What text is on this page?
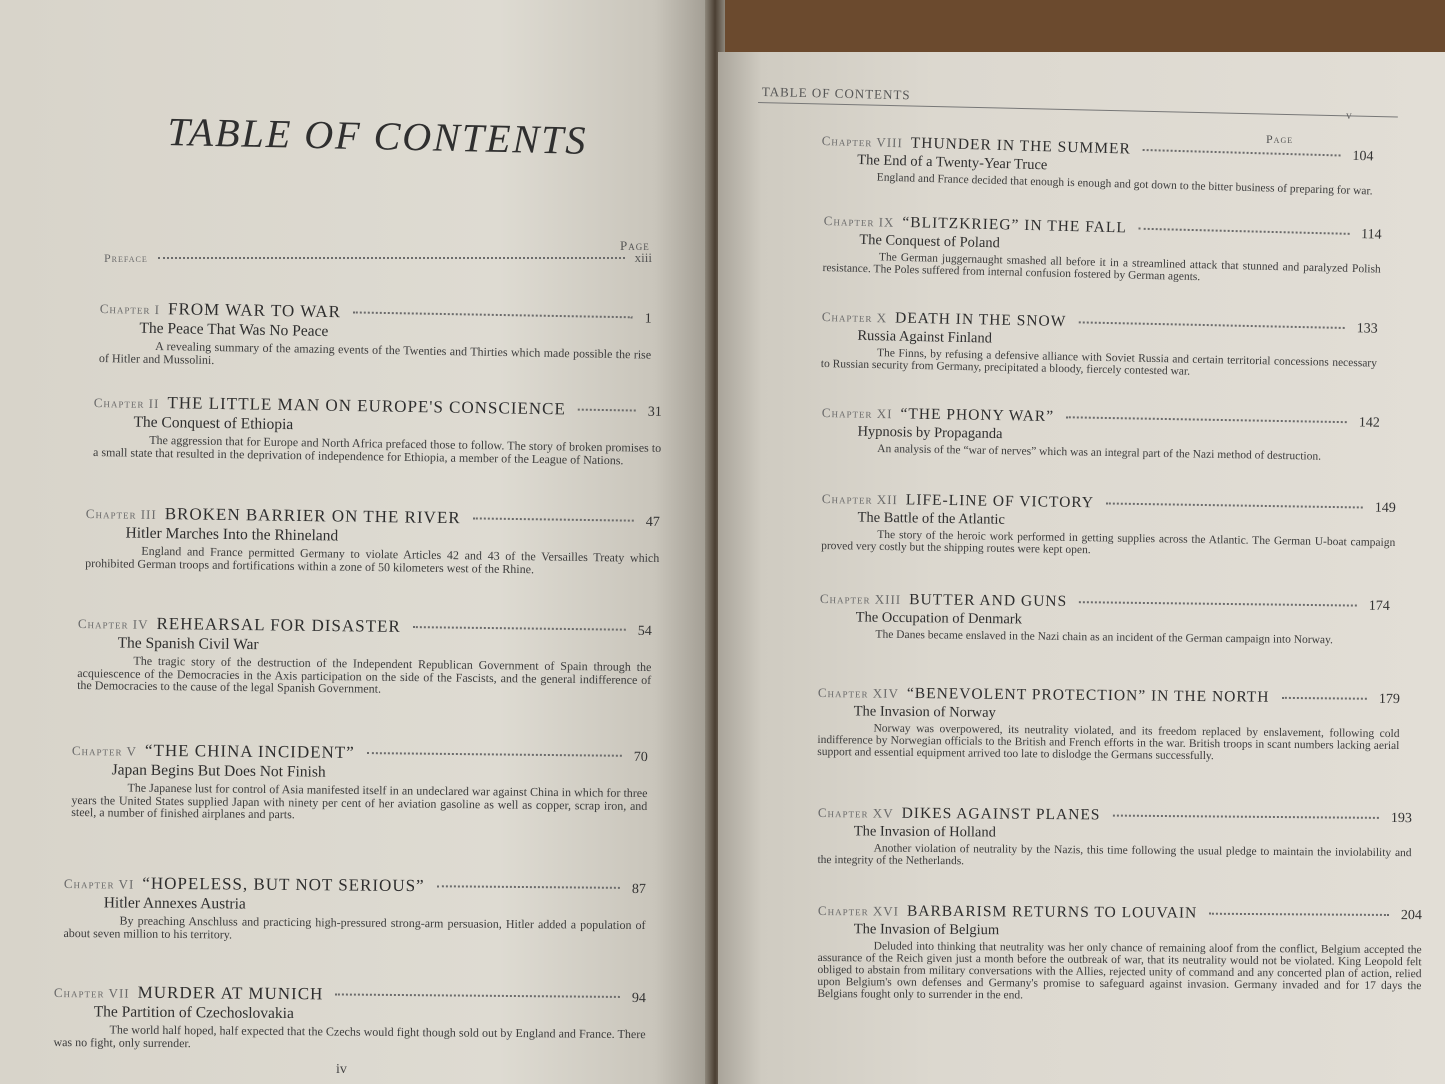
TABLE OF CONTENTS
Page
Preface	xiii
Chapter I FROM WAR TO WAR	1
The Peace That Was No Peace
A revealing summary of the amazing events of the Twenties and Thirties which made possible the rise of Hitler and Mussolini.
Chapter II THE LITTLE MAN ON EUROPE'S CONSCIENCE	31
The Conquest of Ethiopia
The aggression that for Europe and North Africa prefaced those to follow. The story of broken promises to a small state that resulted in the deprivation of independence for Ethiopia, a member of the League of Nations.
Chapter III BROKEN BARRIER ON THE RIVER	47
Hitler Marches Into the Rhineland
England and France permitted Germany to violate Articles 42 and 43 of the Versailles Treaty which prohibited German troops and fortifications within a zone of 50 kilometers west of the Rhine.
Chapter IV REHEARSAL FOR DISASTER	54
The Spanish Civil War
The tragic story of the destruction of the Independent Republican Government of Spain through the acquiescence of the Democracies in the Axis participation on the side of the Fascists, and the general indifference of the Democracies to the cause of the legal Spanish Government.
Chapter V “THE CHINA INCIDENT”	70
Japan Begins But Does Not Finish
The Japanese lust for control of Asia manifested itself in an undeclared war against China in which for three years the United States supplied Japan with ninety per cent of her aviation gasoline as well as copper, scrap iron, and steel, a number of finished airplanes and parts.
Chapter VI “HOPELESS, BUT NOT SERIOUS”	87
Hitler Annexes Austria
By preaching Anschluss and practicing high-pressured strong-arm persuasion, Hitler added a population of about seven million to his territory.
Chapter VII MURDER AT MUNICH	94
The Partition of Czechoslovakia
The world half hoped, half expected that the Czechs would fight though sold out by England and France. There was no fight, only surrender.
iv
TABLE OF CONTENTS
v
Page
Chapter VIII THUNDER IN THE SUMMER	104
The End of a Twenty-Year Truce
England and France decided that enough is enough and got down to the bitter business of preparing for war.
Chapter IX “BLITZKRIEG” IN THE FALL	114
The Conquest of Poland
The German juggernaught smashed all before it in a streamlined attack that stunned and paralyzed Polish resistance. The Poles suffered from internal confusion fostered by German agents.
Chapter X DEATH IN THE SNOW	133
Russia Against Finland
The Finns, by refusing a defensive alliance with Soviet Russia and certain territorial concessions necessary to Russian security from Germany, precipitated a bloody, fiercely contested war.
Chapter XI “THE PHONY WAR”	142
Hypnosis by Propaganda
An analysis of the “war of nerves” which was an integral part of the Nazi method of destruction.
Chapter XII LIFE-LINE OF VICTORY	149
The Battle of the Atlantic
The story of the heroic work performed in getting supplies across the Atlantic. The German U-boat campaign proved very costly but the shipping routes were kept open.
Chapter XIII BUTTER AND GUNS	174
The Occupation of Denmark
The Danes became enslaved in the Nazi chain as an incident of the German campaign into Norway.
Chapter XIV “BENEVOLENT PROTECTION” IN THE NORTH	179
The Invasion of Norway
Norway was overpowered, its neutrality violated, and its freedom replaced by enslavement, following cold indifference by Norwegian officials to the British and French efforts in the war. British troops in scant numbers lacking aerial support and essential equipment arrived too late to dislodge the Germans successfully.
Chapter XV DIKES AGAINST PLANES	193
The Invasion of Holland
Another violation of neutrality by the Nazis, this time following the usual pledge to maintain the inviolability and the integrity of the Netherlands.
Chapter XVI BARBARISM RETURNS TO LOUVAIN	204
The Invasion of Belgium
Deluded into thinking that neutrality was her only chance of remaining aloof from the conflict, Belgium accepted the assurance of the Reich given just a month before the outbreak of war, that its neutrality would not be violated. King Leopold felt obliged to abstain from military conversations with the Allies, rejected unity of command and any concerted plan of action, relied upon Belgium's own defenses and Germany's promise to safeguard against invasion. Germany invaded and for 17 days the Belgians fought only to surrender in the end.
